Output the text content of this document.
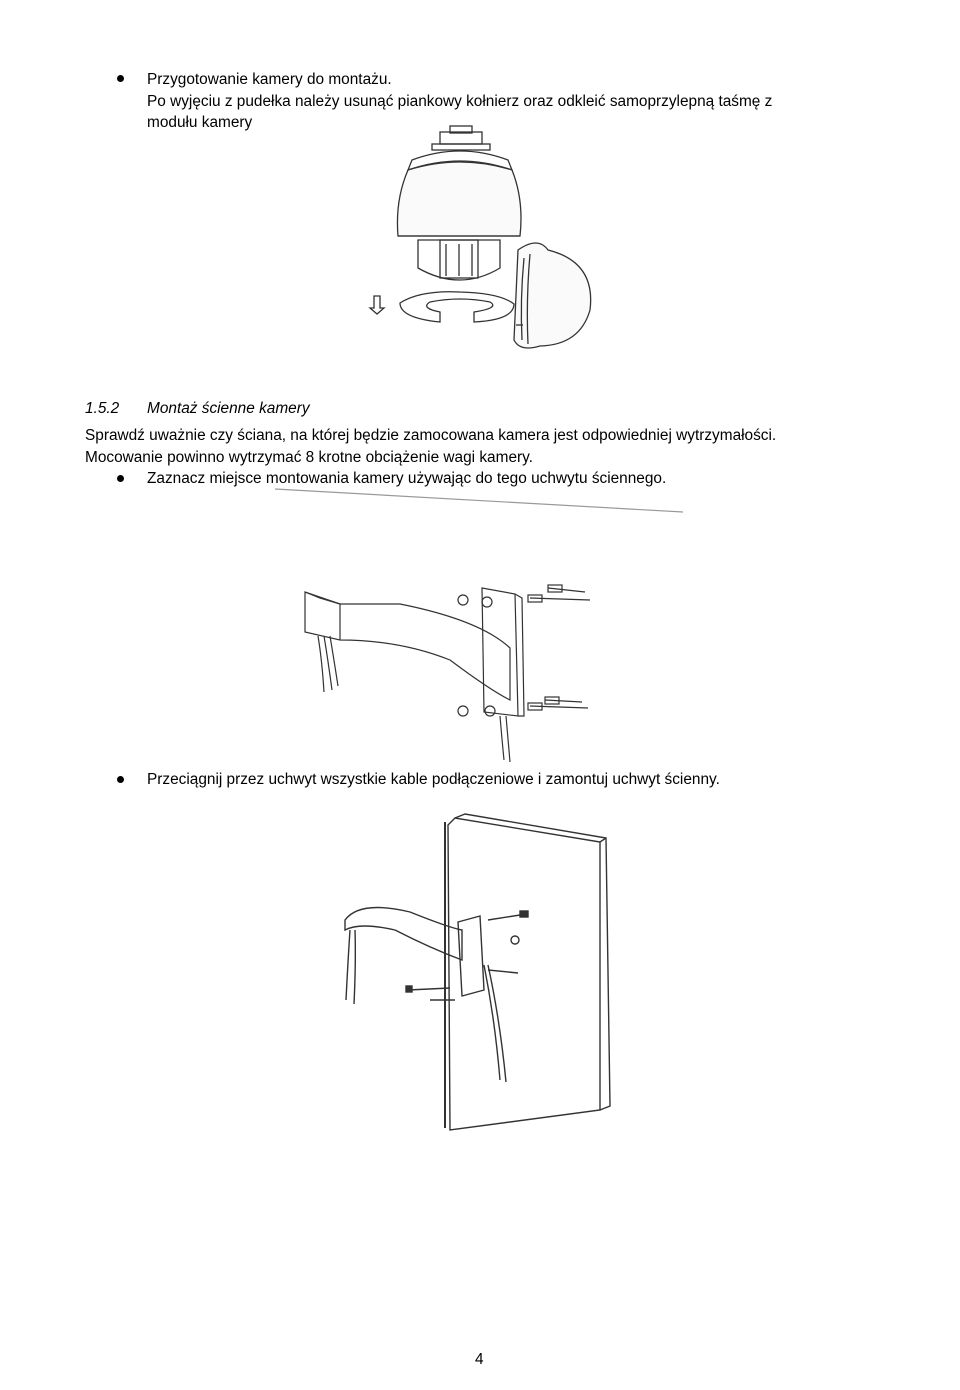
Przygotowanie kamery do montażu.
Po wyjęciu z pudełka należy usunąć piankowy kołnierz oraz odkleić samoprzylepną taśmę z
modułu kamery
1.5.2 Montaż ścienne kamery
Sprawdź uważnie czy ściana, na której będzie zamocowana kamera jest odpowiedniej wytrzymałości.
Mocowanie powinno wytrzymać 8 krotne obciążenie wagi kamery.
Zaznacz miejsce montowania kamery używając do tego uchwytu ściennego.
Przeciągnij przez uchwyt wszystkie kable podłączeniowe i zamontuj uchwyt ścienny.
4
